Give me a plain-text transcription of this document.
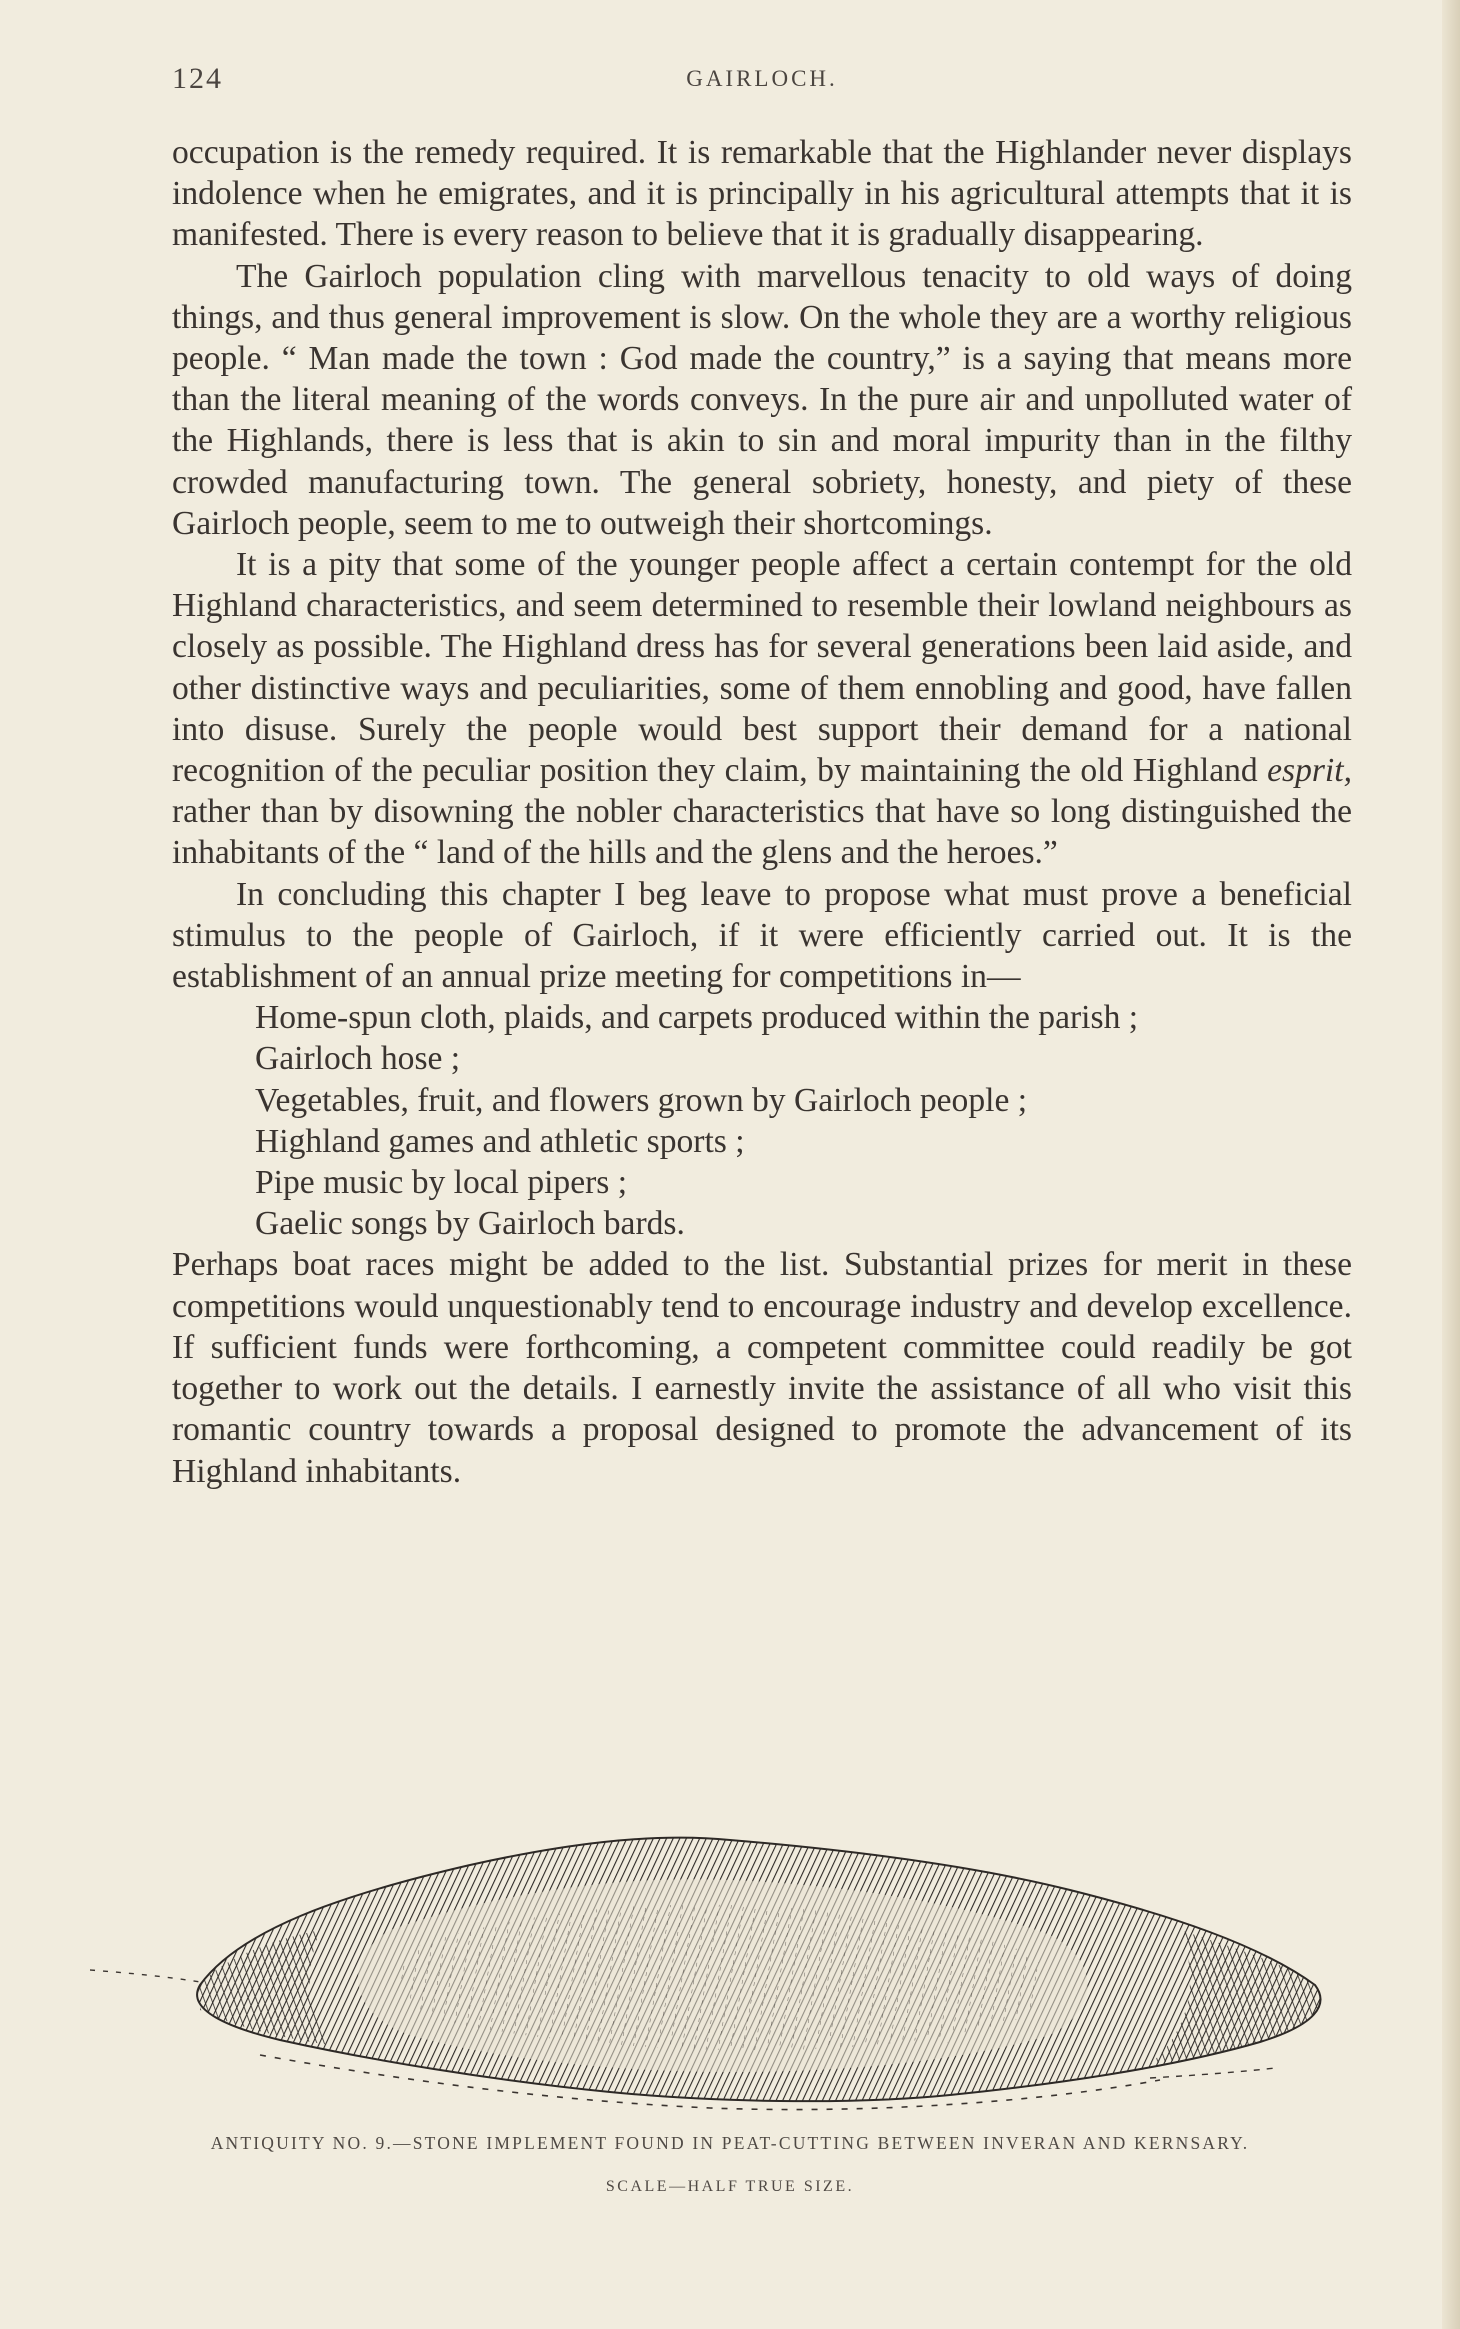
124	GAIRLOCH.

occupation is the remedy required. It is remarkable that the Highlander never displays indolence when he emigrates, and it is principally in his agricultural attempts that it is manifested. There is every reason to believe that it is gradually disappearing.

The Gairloch population cling with marvellous tenacity to old ways of doing things, and thus general improvement is slow. On the whole they are a worthy religious people. “ Man made the town : God made the country,” is a saying that means more than the literal meaning of the words conveys. In the pure air and unpolluted water of the Highlands, there is less that is akin to sin and moral impurity than in the filthy crowded manufacturing town. The general sobriety, honesty, and piety of these Gairloch people, seem to me to outweigh their shortcomings.

It is a pity that some of the younger people affect a certain contempt for the old Highland characteristics, and seem determined to resemble their lowland neighbours as closely as possible. The Highland dress has for several generations been laid aside, and other distinctive ways and peculiarities, some of them ennobling and good, have fallen into disuse. Surely the people would best support their demand for a national recognition of the peculiar position they claim, by maintaining the old Highland esprit, rather than by disowning the nobler characteristics that have so long distinguished the inhabitants of the “ land of the hills and the glens and the heroes.”

In concluding this chapter I beg leave to propose what must prove a beneficial stimulus to the people of Gairloch, if it were efficiently carried out. It is the establishment of an annual prize meeting for competitions in—

Home-spun cloth, plaids, and carpets produced within the parish ;
Gairloch hose ;
Vegetables, fruit, and flowers grown by Gairloch people ;
Highland games and athletic sports ;
Pipe music by local pipers ;
Gaelic songs by Gairloch bards.

Perhaps boat races might be added to the list. Substantial prizes for merit in these competitions would unquestionably tend to encourage industry and develop excellence. If sufficient funds were forthcoming, a competent committee could readily be got together to work out the details. I earnestly invite the assistance of all who visit this romantic country towards a proposal designed to promote the advancement of its Highland inhabitants.

ANTIQUITY NO. 9.—STONE IMPLEMENT FOUND IN PEAT-CUTTING BETWEEN INVERAN AND KERNSARY.
SCALE—HALF TRUE SIZE.
